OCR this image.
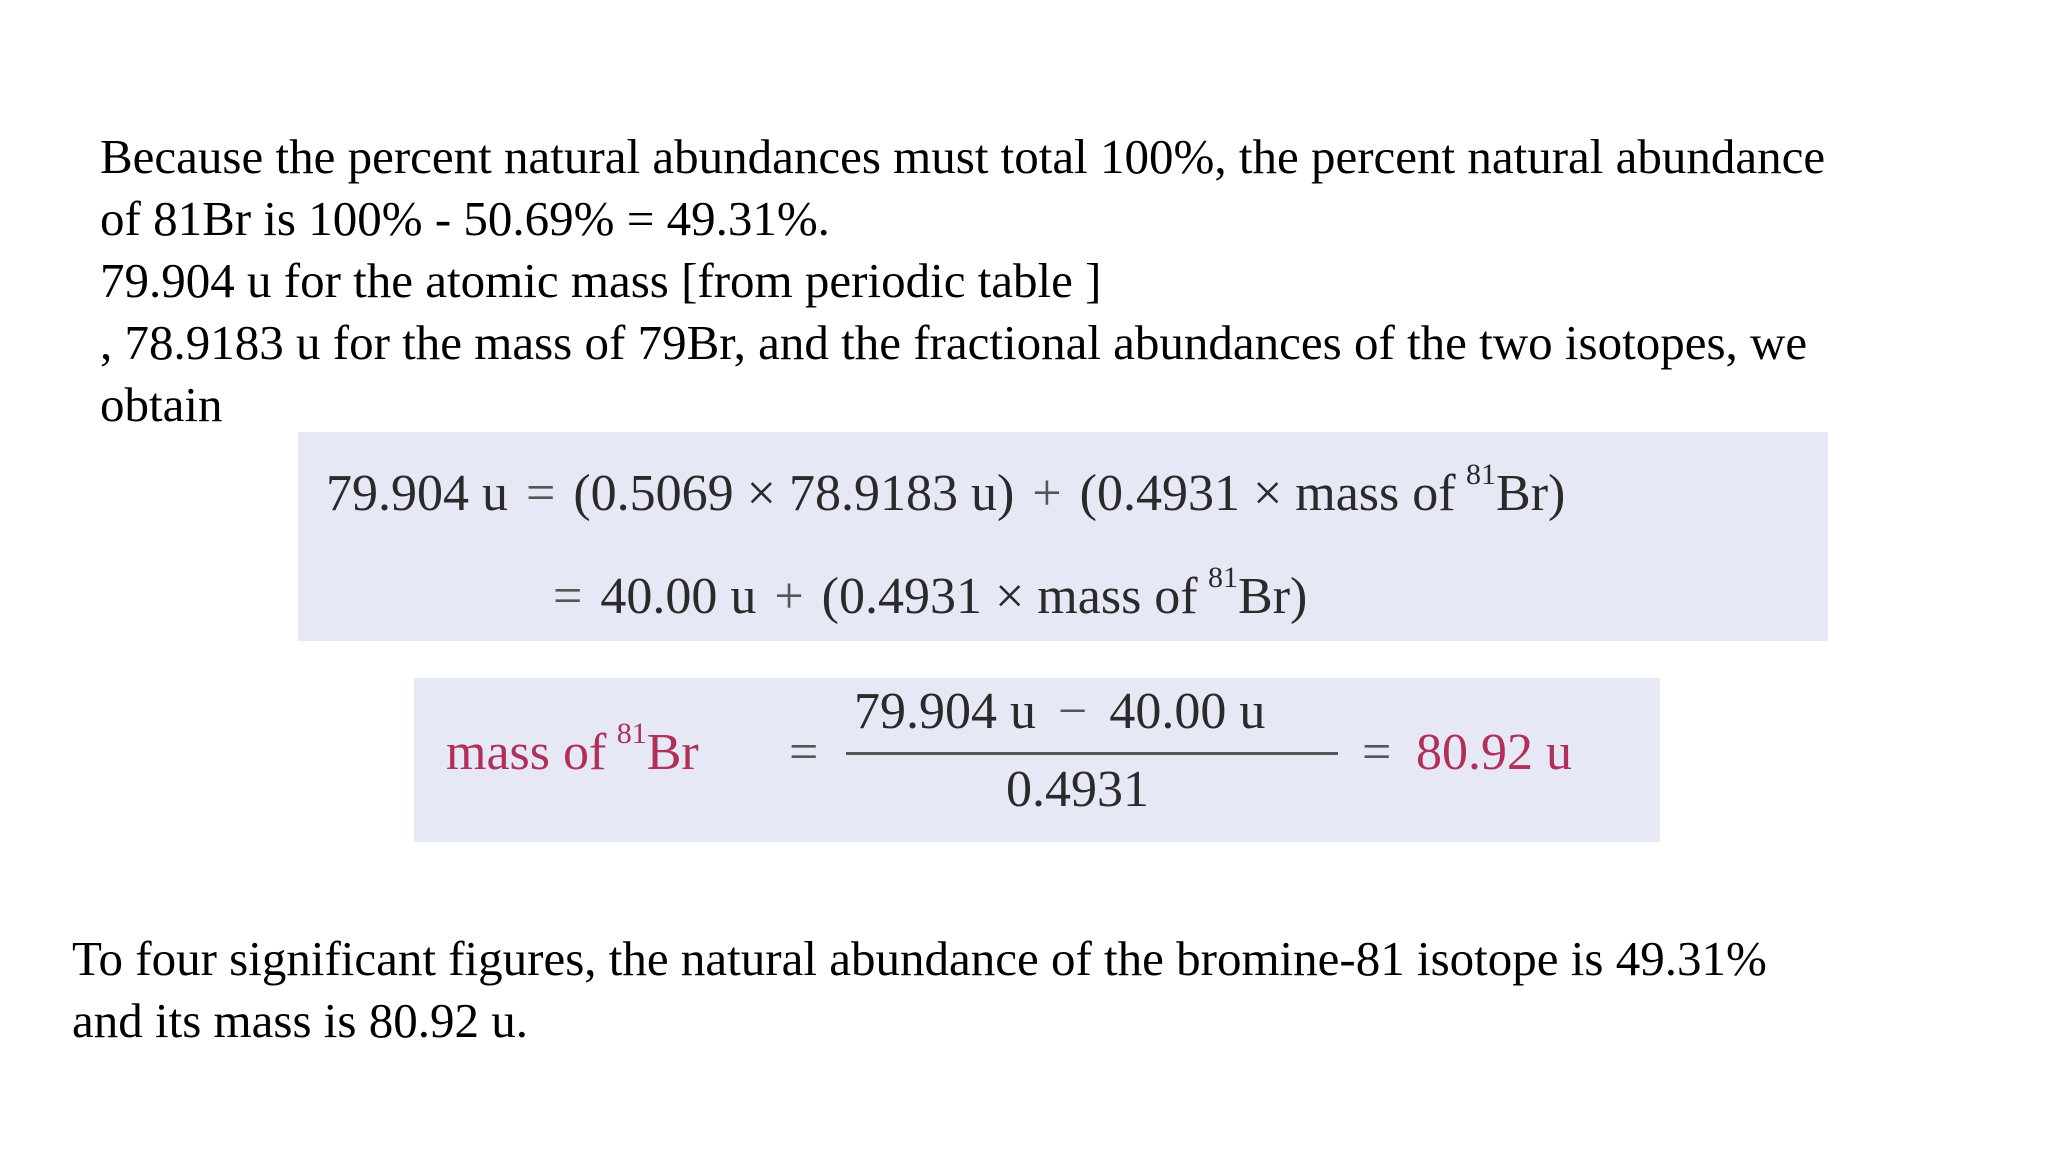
Because the percent natural abundances must total 100%, the percent natural abundance
of 81Br is 100% - 50.69% = 49.31%.
79.904 u for the atomic mass [from periodic table ]
, 78.9183 u for the mass of 79Br, and the fractional abundances of the two isotopes, we
obtain
79.904 u = (0.5069 × 78.9183 u) + (0.4931 × mass of  $^{81}$Br)
= 40.00 u + (0.4931 × mass of  $^{81}$Br)
mass of  $^{81}$Br =
79.904 u − 40.00 u
0.4931
= 80.92 u
To four significant figures, the natural abundance of the bromine-81 isotope is 49.31%
and its mass is 80.92 u.
